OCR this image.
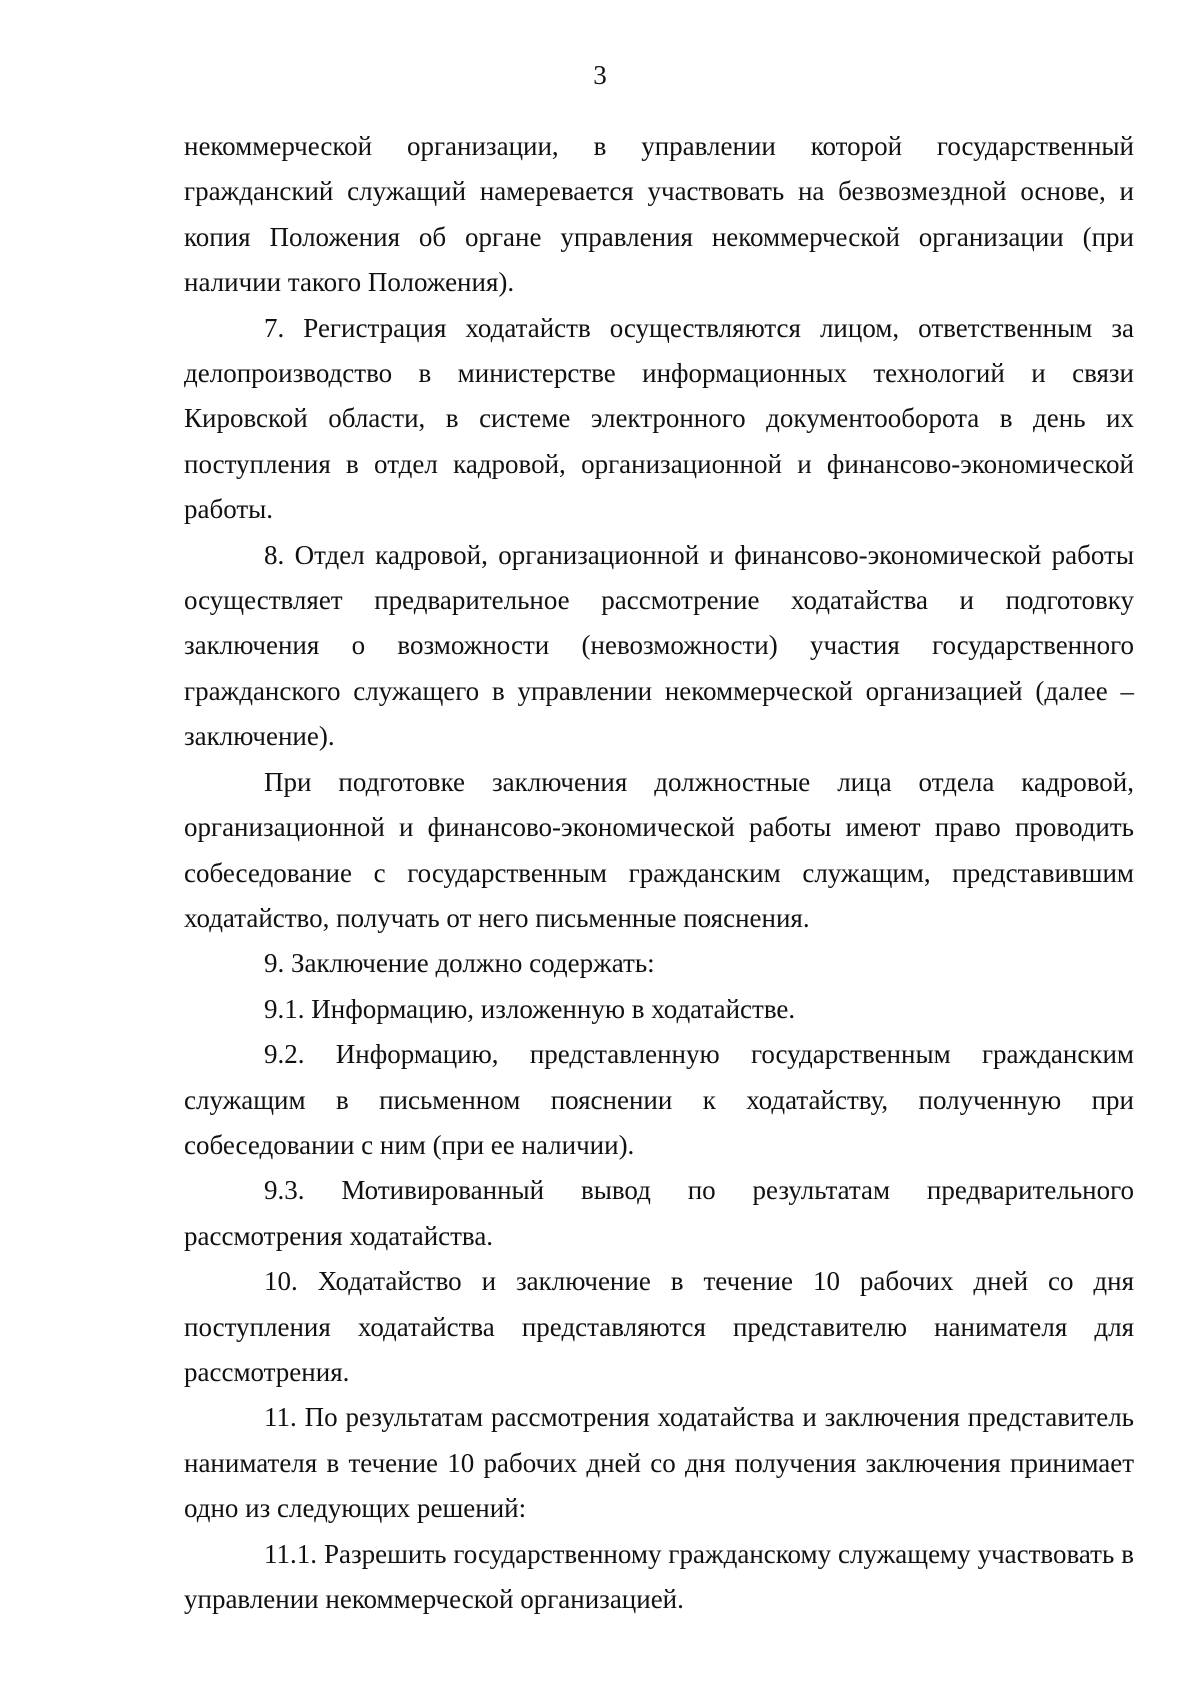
3

некоммерческой организации, в управлении которой государственный гражданский служащий намеревается участвовать на безвозмездной основе, и копия Положения об органе управления некоммерческой организации (при наличии такого Положения).

7. Регистрация ходатайств осуществляются лицом, ответственным за делопроизводство в министерстве информационных технологий и связи Кировской области, в системе электронного документооборота в день их поступления в отдел кадровой, организационной и финансово-экономической работы.

8. Отдел кадровой, организационной и финансово-экономической работы осуществляет предварительное рассмотрение ходатайства и подготовку заключения о возможности (невозможности) участия государственного гражданского служащего в управлении некоммерческой организацией (далее – заключение).

При подготовке заключения должностные лица отдела кадровой, организационной и финансово-экономической работы имеют право проводить собеседование с государственным гражданским служащим, представившим ходатайство, получать от него письменные пояснения.

9. Заключение должно содержать:

9.1. Информацию, изложенную в ходатайстве.

9.2. Информацию, представленную государственным гражданским служащим в письменном пояснении к ходатайству, полученную при собеседовании с ним (при ее наличии).

9.3. Мотивированный вывод по результатам предварительного рассмотрения ходатайства.

10. Ходатайство и заключение в течение 10 рабочих дней со дня поступления ходатайства представляются представителю нанимателя для рассмотрения.

11. По результатам рассмотрения ходатайства и заключения представитель нанимателя в течение 10 рабочих дней со дня получения заключения принимает одно из следующих решений:

11.1. Разрешить государственному гражданскому служащему участвовать в управлении некоммерческой организацией.
